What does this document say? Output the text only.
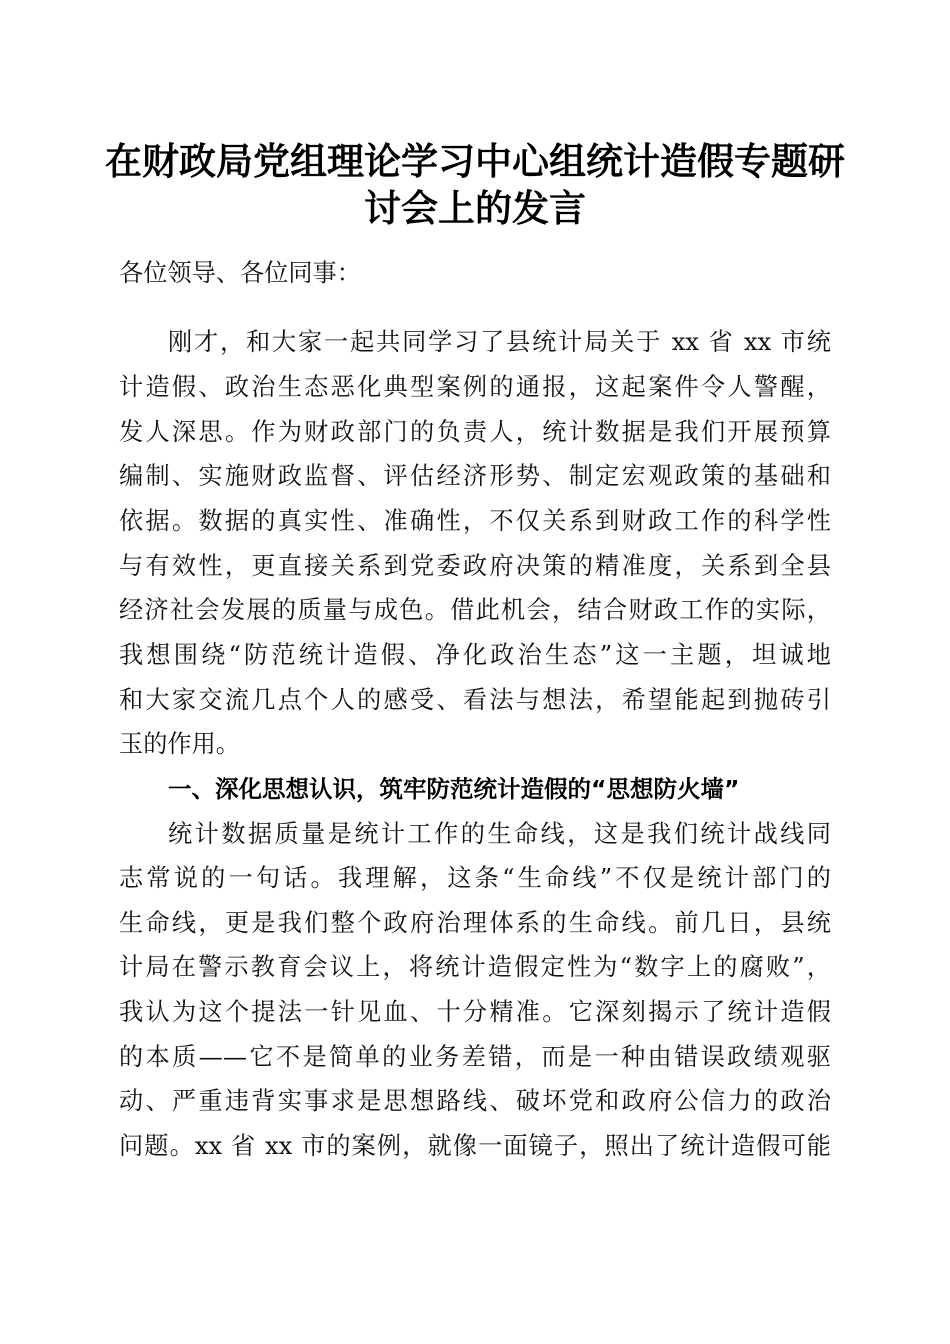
在财政局党组理论学习中心组统计造假专题研
讨会上的发言
各位领导、各位同事：
刚才，和大家一起共同学习了县统计局关于 xx 省 xx 市统
计造假、政治生态恶化典型案例的通报，这起案件令人警醒，
发人深思。作为财政部门的负责人，统计数据是我们开展预算
编制、实施财政监督、评估经济形势、制定宏观政策的基础和
依据。数据的真实性、准确性，不仅关系到财政工作的科学性
与有效性，更直接关系到党委政府决策的精准度，关系到全县
经济社会发展的质量与成色。借此机会，结合财政工作的实际，
我想围绕“防范统计造假、净化政治生态”这一主题，坦诚地
和大家交流几点个人的感受、看法与想法，希望能起到抛砖引
玉的作用。
一、深化思想认识，筑牢防范统计造假的“思想防火墙”
统计数据质量是统计工作的生命线，这是我们统计战线同
志常说的一句话。我理解，这条“生命线”不仅是统计部门的
生命线，更是我们整个政府治理体系的生命线。前几日，县统
计局在警示教育会议上，将统计造假定性为“数字上的腐败”，
我认为这个提法一针见血、十分精准。它深刻揭示了统计造假
的本质——它不是简单的业务差错，而是一种由错误政绩观驱
动、严重违背实事求是思想路线、破坏党和政府公信力的政治
问题。xx 省 xx 市的案例，就像一面镜子，照出了统计造假可能
